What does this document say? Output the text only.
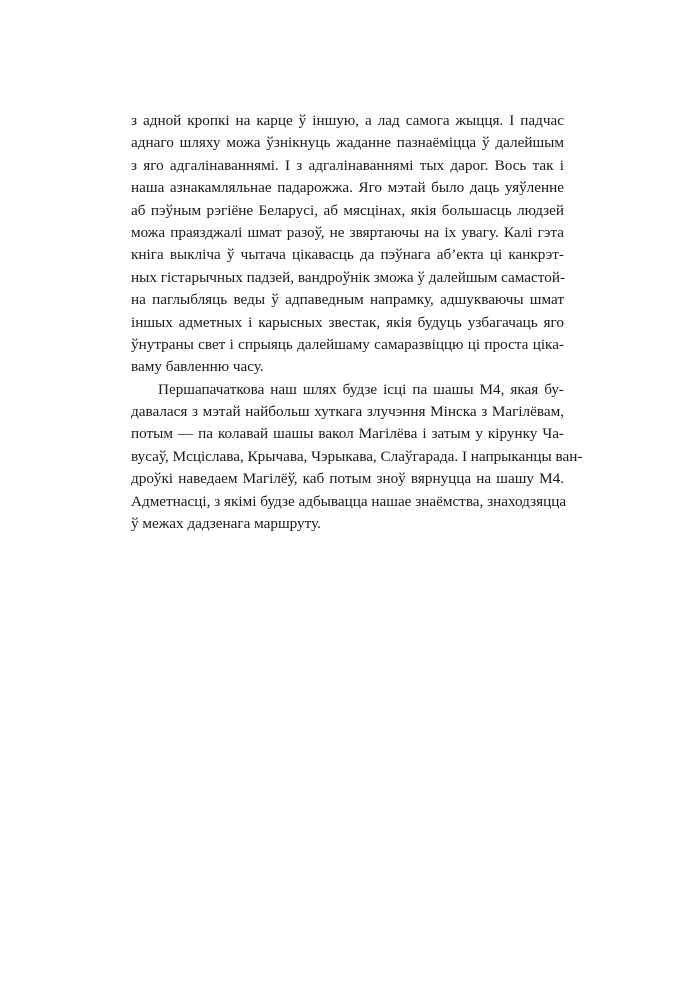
з адной кропкі на карце ў іншую, а лад самога жыцця. І падчас
аднаго шляху можа ўзнікнуць жаданне пазнаёміцца ў далейшым
з яго адгалінаваннямі. І з адгалінаваннямі тых дарог. Вось так і
наша азнакамляльнае падарожжа. Яго мэтай было даць уяўленне
аб пэўным рэгіёне Беларусі, аб мясцінах, якія большасць людзей
можа праязджалі шмат разоў, не звяртаючы на іх увагу. Калі гэта
кніга выкліча ў чытача цікавасць да пэўнага аб’екта ці канкрэт-
ных гістарычных падзей, вандроўнік зможа ў далейшым самастой-
на паглыбляць веды ў адпаведным напрамку, адшукваючы шмат
іншых адметных і карысных звестак, якія будуць узбагачаць яго
ўнутраны свет і спрыяць далейшаму самаразвіццю ці проста ціка-
ваму бавленню часу.
Першапачаткова наш шлях будзе ісці па шашы М4, якая бу-
давалася з мэтай найбольш хуткага злучэння Мінска з Магілёвам,
потым — па колавай шашы вакол Магілёва і затым у кірунку Ча-
вусаў, Мсціслава, Крычава, Чэрыкава, Слаўгарада. І напрыканцы ван-
дроўкі наведаем Магілёў, каб потым зноў вярнуцца на шашу М4.
Адметнасці, з якімі будзе адбывацца нашае знаёмства, знаходзяцца
ў межах дадзенага маршруту.
